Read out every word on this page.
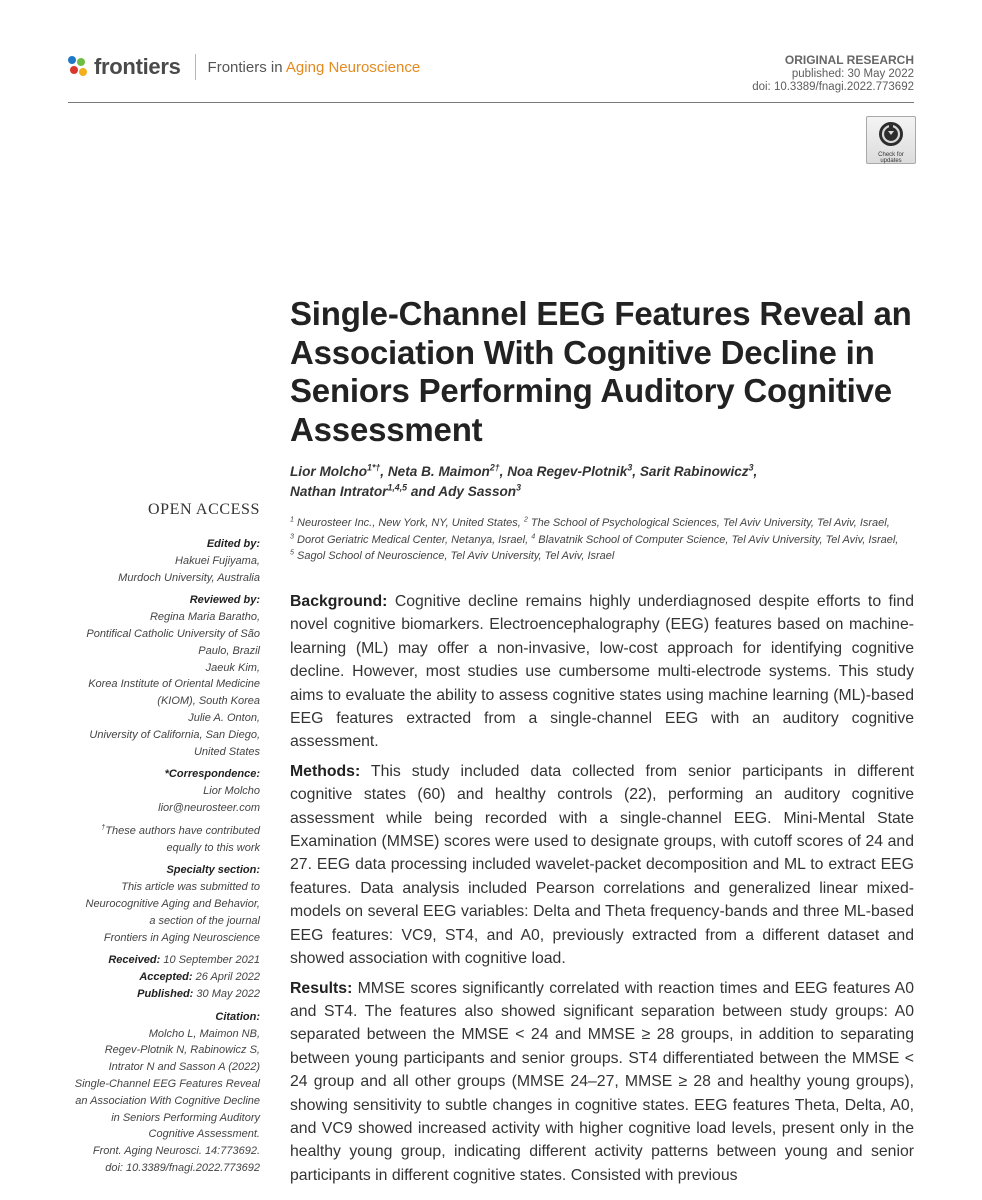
frontiers Frontiers in Aging Neuroscience	ORIGINAL RESEARCH
published: 30 May 2022
doi: 10.3389/fnagi.2022.773692
Check for
updates
Single-Channel EEG Features Reveal an Association With Cognitive Decline in Seniors Performing Auditory Cognitive Assessment

Lior Molcho$^{1*\dagger}$, Neta B. Maimon$^{2\dagger}$, Noa Regev-Plotnik$^3$, Sarit Rabinowicz$^3$,
Nathan Intrator$^{1,4,5}$ and Ady Sasson$^3$

$^1$ Neurosteer Inc., New York, NY, United States, $^2$ The School of Psychological Sciences, Tel Aviv University, Tel Aviv, Israel,
$^3$ Dorot Geriatric Medical Center, Netanya, Israel, $^4$ Blavatnik School of Computer Science, Tel Aviv University, Tel Aviv, Israel,
$^5$ Sagol School of Neuroscience, Tel Aviv University, Tel Aviv, Israel

Background: Cognitive decline remains highly underdiagnosed despite efforts to find novel cognitive biomarkers. Electroencephalography (EEG) features based on machine-learning (ML) may offer a non-invasive, low-cost approach for identifying cognitive decline. However, most studies use cumbersome multi-electrode systems. This study aims to evaluate the ability to assess cognitive states using machine learning (ML)-based EEG features extracted from a single-channel EEG with an auditory cognitive assessment.

Methods: This study included data collected from senior participants in different cognitive states (60) and healthy controls (22), performing an auditory cognitive assessment while being recorded with a single-channel EEG. Mini-Mental State Examination (MMSE) scores were used to designate groups, with cutoff scores of 24 and 27. EEG data processing included wavelet-packet decomposition and ML to extract EEG features. Data analysis included Pearson correlations and generalized linear mixed-models on several EEG variables: Delta and Theta frequency-bands and three ML-based EEG features: VC9, ST4, and A0, previously extracted from a different dataset and showed association with cognitive load.

Results: MMSE scores significantly correlated with reaction times and EEG features A0 and ST4. The features also showed significant separation between study groups: A0 separated between the MMSE < 24 and MMSE ≥ 28 groups, in addition to separating between young participants and senior groups. ST4 differentiated between the MMSE < 24 group and all other groups (MMSE 24–27, MMSE ≥ 28 and healthy young groups), showing sensitivity to subtle changes in cognitive states. EEG features Theta, Delta, A0, and VC9 showed increased activity with higher cognitive load levels, present only in the healthy young group, indicating different activity patterns between young and senior participants in different cognitive states. Consisted with previous

OPEN ACCESS
Edited by:
Hakuei Fujiyama,
Murdoch University, Australia
Reviewed by:
Regina Maria Baratho,
Pontifical Catholic University of São
Paulo, Brazil
Jaeuk Kim,
Korea Institute of Oriental Medicine
(KIOM), South Korea
Julie A. Onton,
University of California, San Diego,
United States
*Correspondence:
Lior Molcho
lior@neurosteer.com
†These authors have contributed
equally to this work
Specialty section:
This article was submitted to
Neurocognitive Aging and Behavior,
a section of the journal
Frontiers in Aging Neuroscience
Received: 10 September 2021
Accepted: 26 April 2022
Published: 30 May 2022
Citation:
Molcho L, Maimon NB,
Regev-Plotnik N, Rabinowicz S,
Intrator N and Sasson A (2022)
Single-Channel EEG Features Reveal
an Association With Cognitive Decline
in Seniors Performing Auditory
Cognitive Assessment.
Front. Aging Neurosci. 14:773692.
doi: 10.3389/fnagi.2022.773692
